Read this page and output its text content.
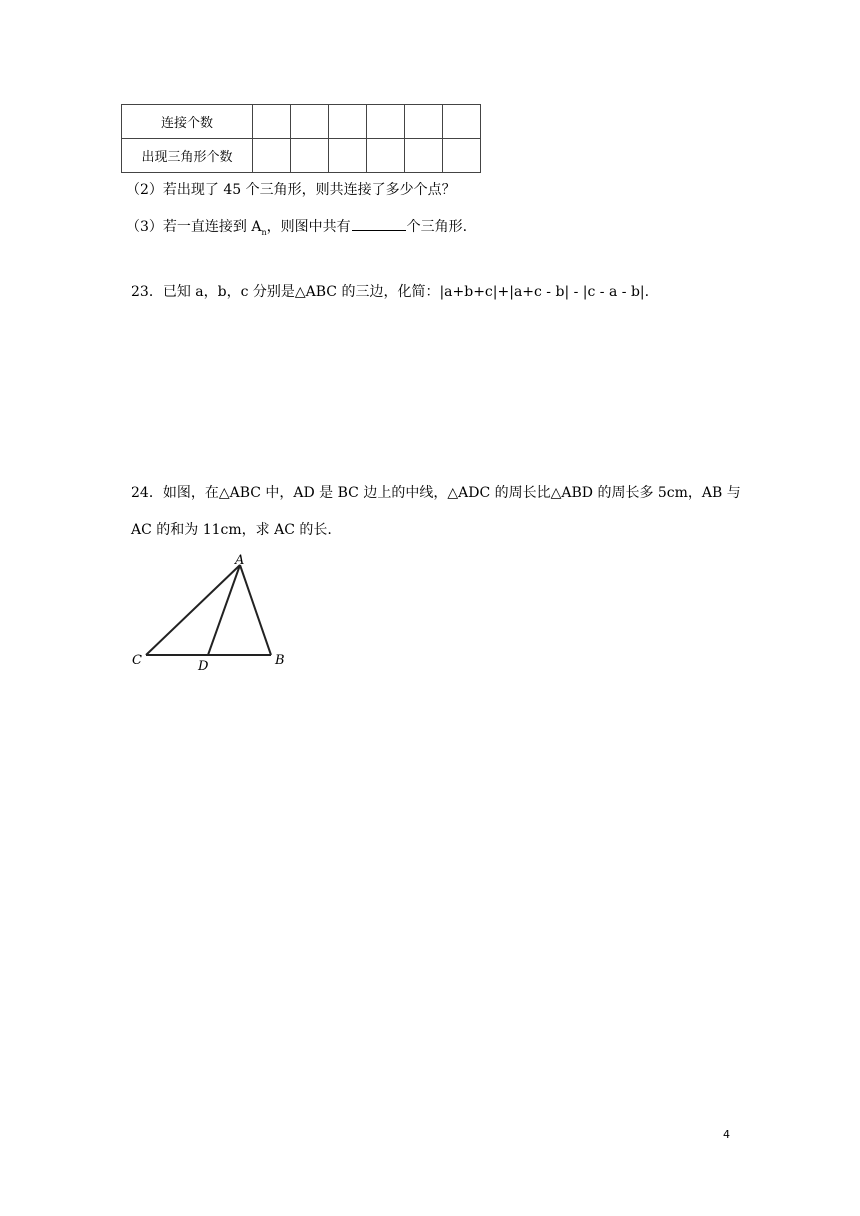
连接个数						
出现三角形个数						
（2）若出现了 45 个三角形，则共连接了多少个点？
（3）若一直连接到 $A_n$，则图中共有	个三角形.
23．已知 a，b，c 分别是△ABC 的三边，化简：|a+b+c|+|a+c - b| - |c - a - b|.
24．如图，在△ABC 中，AD 是 BC 边上的中线，△ADC 的周长比△ABD 的周长多 5cm，AB 与
AC 的和为 11cm，求 AC 的长.
A
C	D	B
4
